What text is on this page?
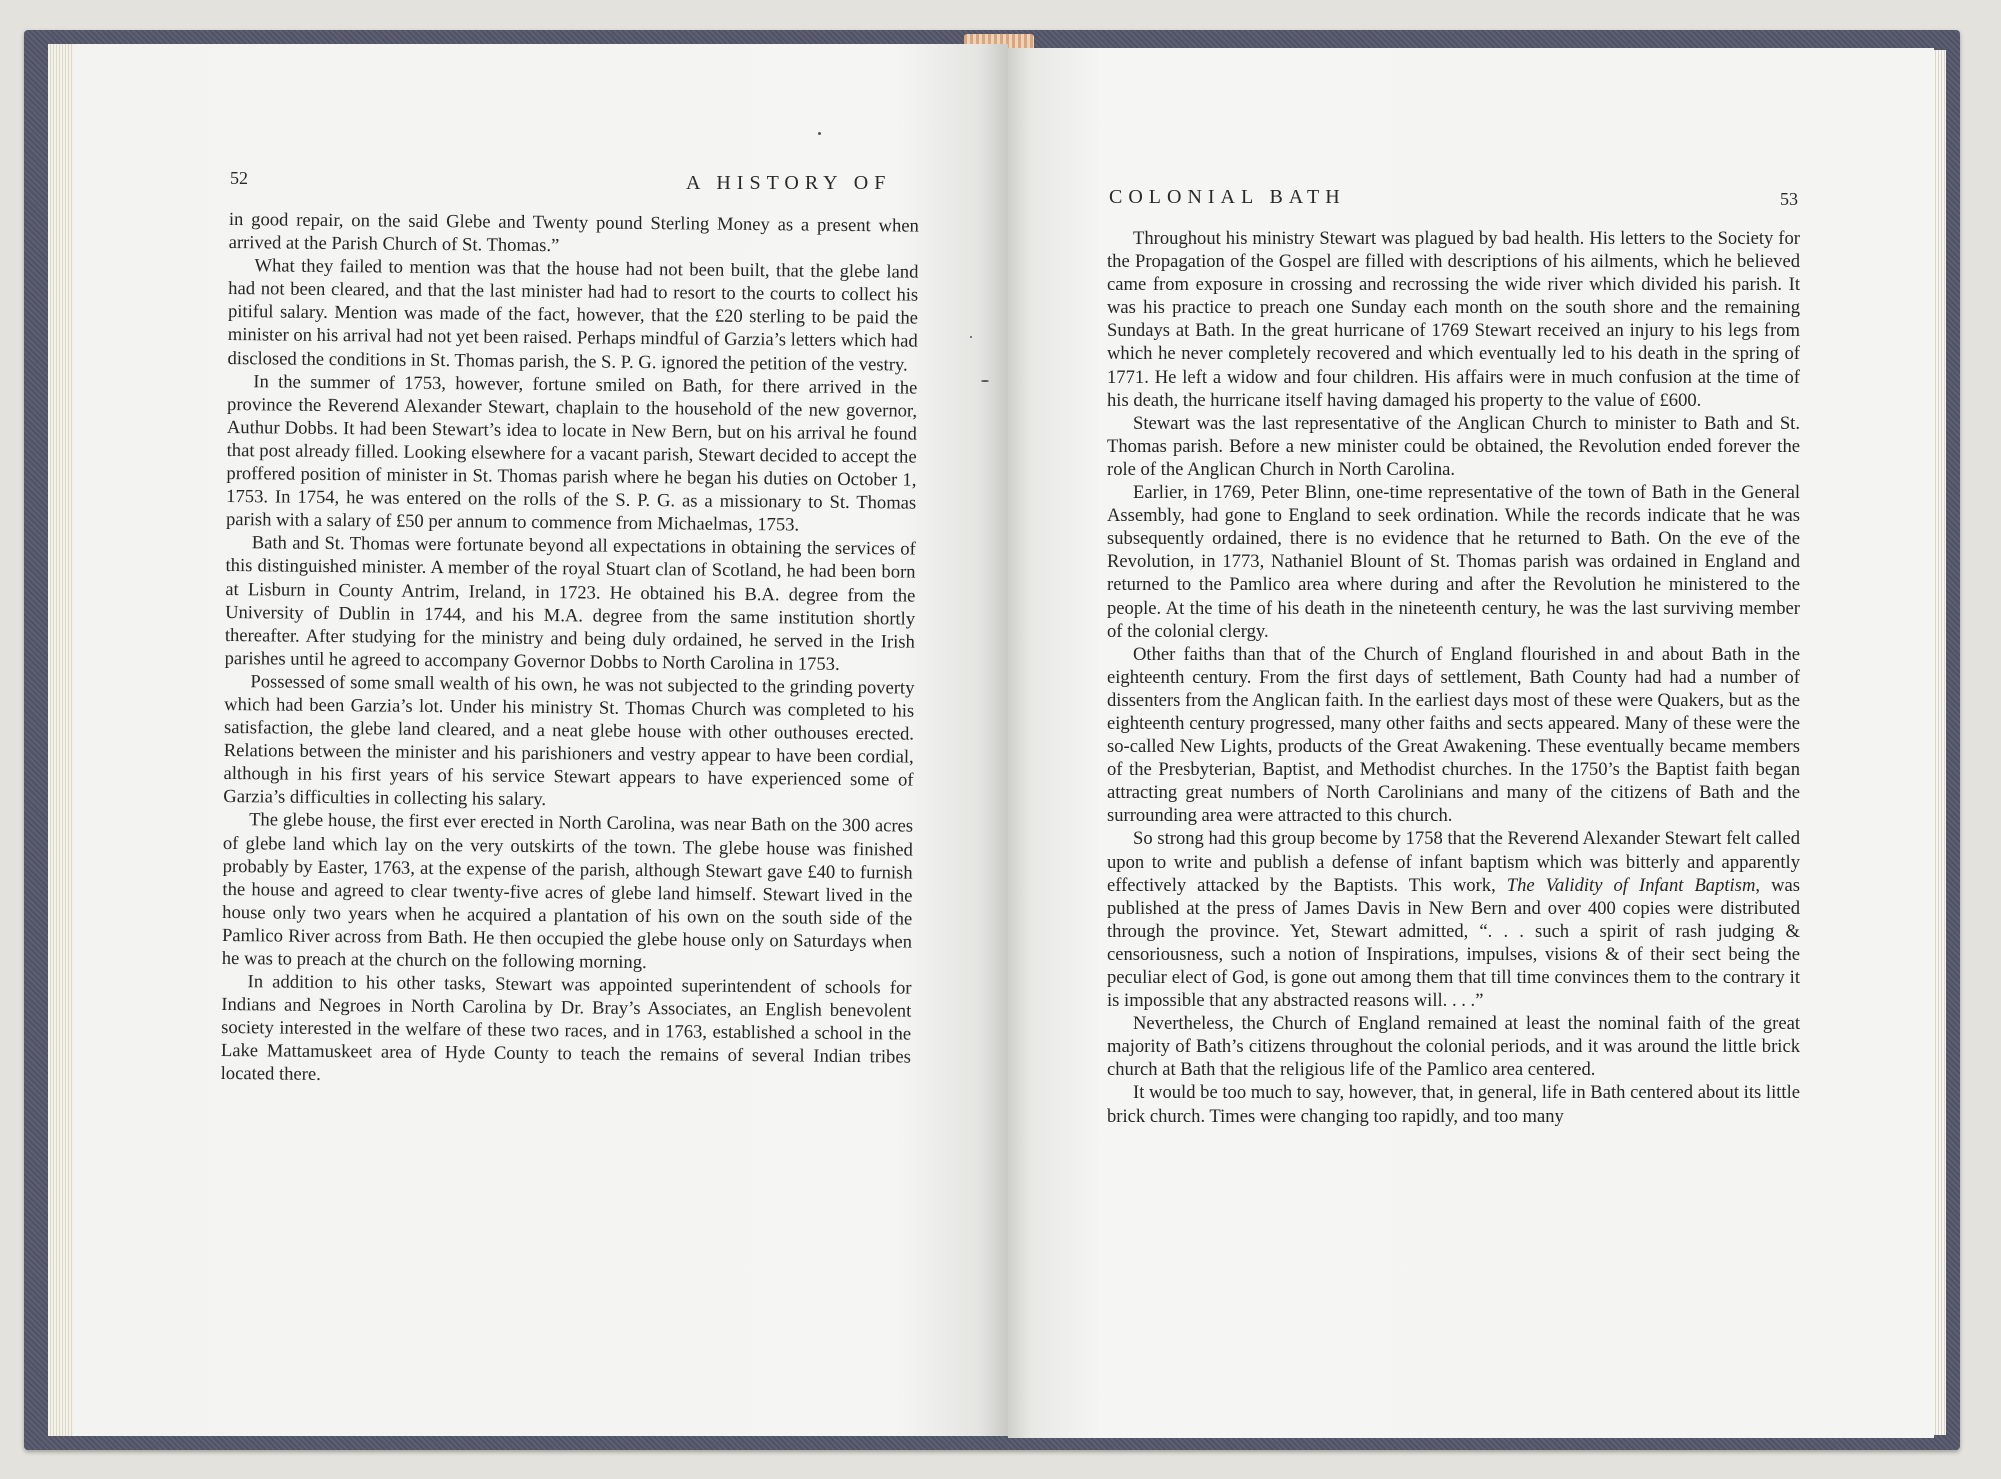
52	A HISTORY OF
COLONIAL BATH	53

in good repair, on the said Glebe and Twenty pound Sterling Money as a present when arrived at the Parish Church of St. Thomas.”

What they failed to mention was that the house had not been built, that the glebe land had not been cleared, and that the last minister had had to resort to the courts to collect his pitiful salary. Mention was made of the fact, however, that the £20 sterling to be paid the minister on his arrival had not yet been raised. Perhaps mindful of Garzia’s letters which had disclosed the conditions in St. Thomas parish, the S. P. G. ignored the petition of the vestry.

In the summer of 1753, however, fortune smiled on Bath, for there arrived in the province the Reverend Alexander Stewart, chaplain to the household of the new governor, Authur Dobbs. It had been Stewart’s idea to locate in New Bern, but on his arrival he found that post already filled. Looking elsewhere for a vacant parish, Stewart decided to accept the proffered position of minister in St. Thomas parish where he began his duties on October 1, 1753. In 1754, he was entered on the rolls of the S. P. G. as a missionary to St. Thomas parish with a salary of £50 per annum to commence from Michaelmas, 1753.

Bath and St. Thomas were fortunate beyond all expectations in obtaining the services of this distinguished minister. A member of the royal Stuart clan of Scotland, he had been born at Lisburn in County Antrim, Ireland, in 1723. He obtained his B.A. degree from the University of Dublin in 1744, and his M.A. degree from the same institution shortly thereafter. After studying for the ministry and being duly ordained, he served in the Irish parishes until he agreed to accompany Governor Dobbs to North Carolina in 1753.

Possessed of some small wealth of his own, he was not subjected to the grinding poverty which had been Garzia’s lot. Under his ministry St. Thomas Church was completed to his satisfaction, the glebe land cleared, and a neat glebe house with other outhouses erected. Relations between the minister and his parishioners and vestry appear to have been cordial, although in his first years of his service Stewart appears to have experienced some of Garzia’s difficulties in collecting his salary.

The glebe house, the first ever erected in North Carolina, was near Bath on the 300 acres of glebe land which lay on the very outskirts of the town. The glebe house was finished probably by Easter, 1763, at the expense of the parish, although Stewart gave £40 to furnish the house and agreed to clear twenty-five acres of glebe land himself. Stewart lived in the house only two years when he acquired a plantation of his own on the south side of the Pamlico River across from Bath. He then occupied the glebe house only on Saturdays when he was to preach at the church on the following morning.

In addition to his other tasks, Stewart was appointed superintendent of schools for Indians and Negroes in North Carolina by Dr. Bray’s Associates, an English benevolent society interested in the welfare of these two races, and in 1763, established a school in the Lake Mattamuskeet area of Hyde County to teach the remains of several Indian tribes located there.

Throughout his ministry Stewart was plagued by bad health. His letters to the Society for the Propagation of the Gospel are filled with descriptions of his ailments, which he believed came from exposure in crossing and recrossing the wide river which divided his parish. It was his practice to preach one Sunday each month on the south shore and the remaining Sundays at Bath. In the great hurricane of 1769 Stewart received an injury to his legs from which he never completely recovered and which eventually led to his death in the spring of 1771. He left a widow and four children. His affairs were in much confusion at the time of his death, the hurricane itself having damaged his property to the value of £600.

Stewart was the last representative of the Anglican Church to minister to Bath and St. Thomas parish. Before a new minister could be obtained, the Revolution ended forever the role of the Anglican Church in North Carolina.

Earlier, in 1769, Peter Blinn, one-time representative of the town of Bath in the General Assembly, had gone to England to seek ordination. While the records indicate that he was subsequently ordained, there is no evidence that he returned to Bath. On the eve of the Revolution, in 1773, Nathaniel Blount of St. Thomas parish was ordained in England and returned to the Pamlico area where during and after the Revolution he ministered to the people. At the time of his death in the nineteenth century, he was the last surviving member of the colonial clergy.

Other faiths than that of the Church of England flourished in and about Bath in the eighteenth century. From the first days of settlement, Bath County had had a number of dissenters from the Anglican faith. In the earliest days most of these were Quakers, but as the eighteenth century progressed, many other faiths and sects appeared. Many of these were the so-called New Lights, products of the Great Awakening. These eventually became members of the Presbyterian, Baptist, and Methodist churches. In the 1750’s the Baptist faith began attracting great numbers of North Carolinians and many of the citizens of Bath and the surrounding area were attracted to this church.

So strong had this group become by 1758 that the Reverend Alexander Stewart felt called upon to write and publish a defense of infant baptism which was bitterly and apparently effectively attacked by the Baptists. This work, The Validity of Infant Baptism, was published at the press of James Davis in New Bern and over 400 copies were distributed through the province. Yet, Stewart admitted, “. . . such a spirit of rash judging & censoriousness, such a notion of Inspirations, impulses, visions & of their sect being the peculiar elect of God, is gone out among them that till time convinces them to the contrary it is impossible that any abstracted reasons will. . . .”

Nevertheless, the Church of England remained at least the nominal faith of the great majority of Bath’s citizens throughout the colonial periods, and it was around the little brick church at Bath that the religious life of the Pamlico area centered.

It would be too much to say, however, that, in general, life in Bath centered about its little brick church. Times were changing too rapidly, and too many
